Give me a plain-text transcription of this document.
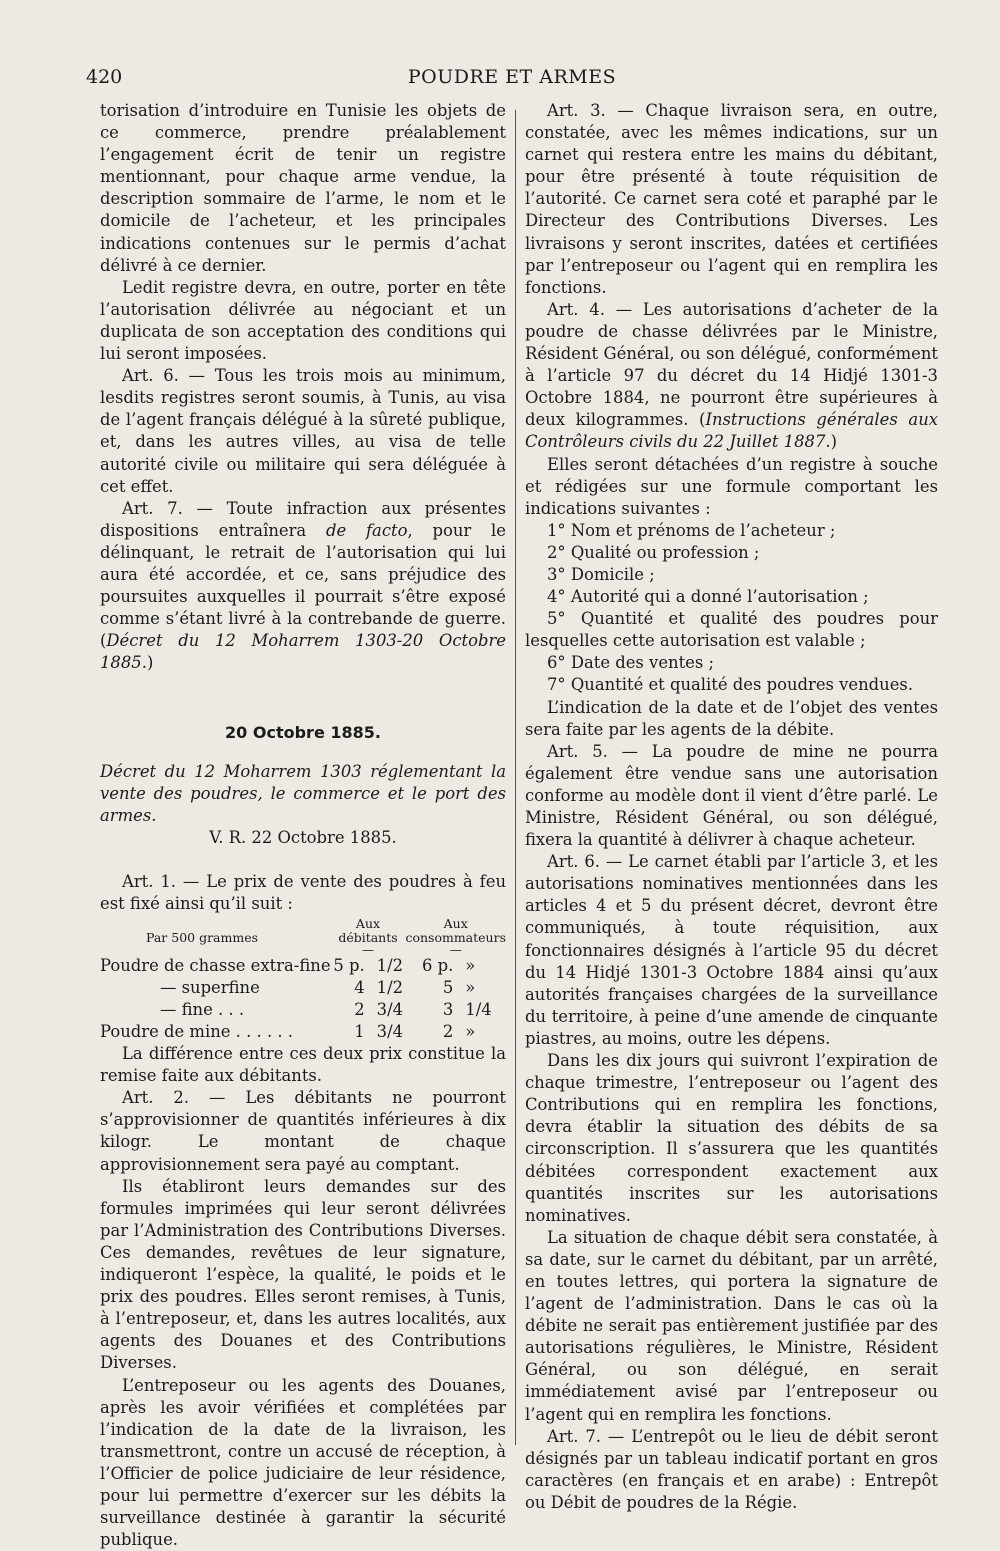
420	POUDRE ET ARMES

torisation d’introduire en Tunisie les objets de ce commerce, prendre préalablement l’engagement écrit de tenir un registre mentionnant, pour chaque arme vendue, la description sommaire de l’arme, le nom et le domicile de l’acheteur, et les principales indications contenues sur le permis d’achat délivré à ce dernier.

Ledit registre devra, en outre, porter en tête l’autorisation délivrée au négociant et un duplicata de son acceptation des conditions qui lui seront imposées.

Art. 6. — Tous les trois mois au minimum, lesdits registres seront soumis, à Tunis, au visa de l’agent français délégué à la sûreté publique, et, dans les autres villes, au visa de telle autorité civile ou militaire qui sera déléguée à cet effet.

Art. 7. — Toute infraction aux présentes dispositions entraînera de facto, pour le délinquant, le retrait de l’autorisation qui lui aura été accordée, et ce, sans préjudice des poursuites auxquelles il pourrait s’être exposé comme s’étant livré à la contrebande de guerre. (Décret du 12 Moharrem 1303-20 Octobre 1885.)

20 Octobre 1885.

Décret du 12 Moharrem 1303 réglementant la vente des poudres, le commerce et le port des armes.

V. R. 22 Octobre 1885.

Art. 1. — Le prix de vente des poudres à feu est fixé ainsi qu’il suit :

Par 500 grammes	Aux débitants		Aux consommateurs	
	—		—	
Poudre de chasse extra-fine	5 p.	1/2	6 p.	»
— superfine	4	1/2	5	»
— fine . . .	2	3/4	3	1/4
Poudre de mine . . . . . .	1	3/4	2	»

La différence entre ces deux prix constitue la remise faite aux débitants.

Art. 2. — Les débitants ne pourront s’approvisionner de quantités inférieures à dix kilogr. Le montant de chaque approvisionnement sera payé au comptant.

Ils établiront leurs demandes sur des formules imprimées qui leur seront délivrées par l’Administration des Contributions Diverses. Ces demandes, revêtues de leur signature, indiqueront l’espèce, la qualité, le poids et le prix des poudres. Elles seront remises, à Tunis, à l’entreposeur, et, dans les autres localités, aux agents des Douanes et des Contributions Diverses.

L’entreposeur ou les agents des Douanes, après les avoir vérifiées et complétées par l’indication de la date de la livraison, les transmettront, contre un accusé de réception, à l’Officier de police judiciaire de leur résidence, pour lui permettre d’exercer sur les débits la surveillance destinée à garantir la sécurité publique.

Art. 3. — Chaque livraison sera, en outre, constatée, avec les mêmes indications, sur un carnet qui restera entre les mains du débitant, pour être présenté à toute réquisition de l’autorité. Ce carnet sera coté et paraphé par le Directeur des Contributions Diverses. Les livraisons y seront inscrites, datées et certifiées par l’entreposeur ou l’agent qui en remplira les fonctions.

Art. 4. — Les autorisations d’acheter de la poudre de chasse délivrées par le Ministre, Résident Général, ou son délégué, conformément à l’article 97 du décret du 14 Hidjé 1301-3 Octobre 1884, ne pourront être supérieures à deux kilogrammes. (Instructions générales aux Contrôleurs civils du 22 Juillet 1887.)

Elles seront détachées d’un registre à souche et rédigées sur une formule comportant les indications suivantes :

1° Nom et prénoms de l’acheteur ;

2° Qualité ou profession ;

3° Domicile ;

4° Autorité qui a donné l’autorisation ;

5° Quantité et qualité des poudres pour lesquelles cette autorisation est valable ;

6° Date des ventes ;

7° Quantité et qualité des poudres vendues.

L’indication de la date et de l’objet des ventes sera faite par les agents de la débite.

Art. 5. — La poudre de mine ne pourra également être vendue sans une autorisation conforme au modèle dont il vient d’être parlé. Le Ministre, Résident Général, ou son délégué, fixera la quantité à délivrer à chaque acheteur.

Art. 6. — Le carnet établi par l’article 3, et les autorisations nominatives mentionnées dans les articles 4 et 5 du présent décret, devront être communiqués, à toute réquisition, aux fonctionnaires désignés à l’article 95 du décret du 14 Hidjé 1301-3 Octobre 1884 ainsi qu’aux autorités françaises chargées de la surveillance du territoire, à peine d’une amende de cinquante piastres, au moins, outre les dépens.

Dans les dix jours qui suivront l’expiration de chaque trimestre, l’entreposeur ou l’agent des Contributions qui en remplira les fonctions, devra établir la situation des débits de sa circonscription. Il s’assurera que les quantités débitées correspondent exactement aux quantités inscrites sur les autorisations nominatives.

La situation de chaque débit sera constatée, à sa date, sur le carnet du débitant, par un arrêté, en toutes lettres, qui portera la signature de l’agent de l’administration. Dans le cas où la débite ne serait pas entièrement justifiée par des autorisations régulières, le Ministre, Résident Général, ou son délégué, en serait immédiatement avisé par l’entreposeur ou l’agent qui en remplira les fonctions.

Art. 7. — L’entrepôt ou le lieu de débit seront désignés par un tableau indicatif portant en gros caractères (en français et en arabe) : Entrepôt ou Débit de poudres de la Régie.
